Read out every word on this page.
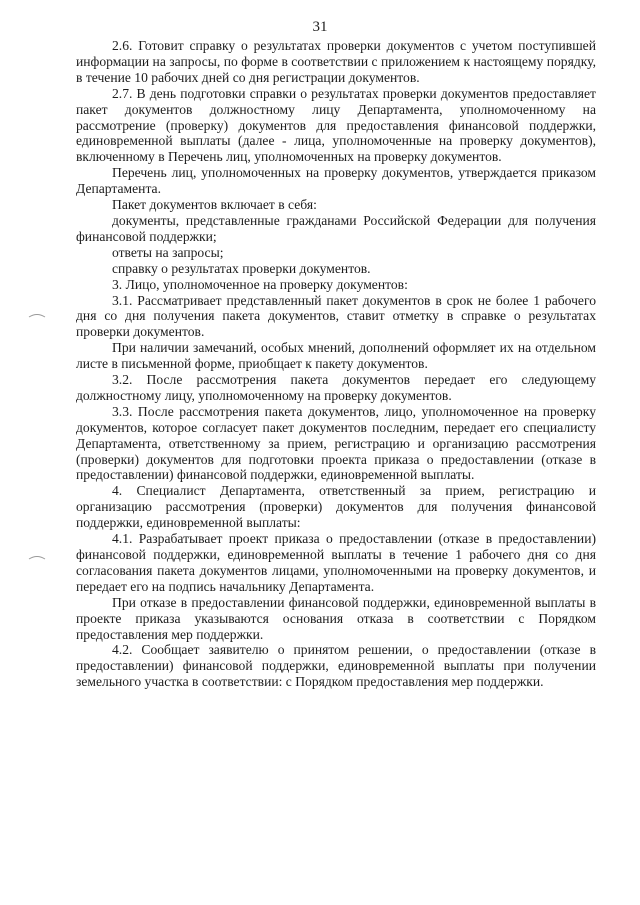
31

2.6. Готовит справку о результатах проверки документов с учетом поступившей информации на запросы, по форме в соответствии с приложением к настоящему порядку, в течение 10 рабочих дней со дня регистрации документов.

2.7. В день подготовки справки о результатах проверки документов предоставляет пакет документов должностному лицу Департамента, уполномоченному на рассмотрение (проверку) документов для предоставления финансовой поддержки, единовременной выплаты (далее - лица, уполномоченные на проверку документов), включенному в Перечень лиц, уполномоченных на проверку документов.

Перечень лиц, уполномоченных на проверку документов, утверждается приказом Департамента.

Пакет документов включает в себя:

документы, представленные гражданами Российской Федерации для получения финансовой поддержки;

ответы на запросы;

справку о результатах проверки документов.

3. Лицо, уполномоченное на проверку документов:

3.1. Рассматривает представленный пакет документов в срок не более 1 рабочего дня со дня получения пакета документов, ставит отметку в справке о результатах проверки документов.

При наличии замечаний, особых мнений, дополнений оформляет их на отдельном листе в письменной форме, приобщает к пакету документов.

3.2. После рассмотрения пакета документов передает его следующему должностному лицу, уполномоченному на проверку документов.

3.3. После рассмотрения пакета документов, лицо, уполномоченное на проверку документов, которое согласует пакет документов последним, передает его специалисту Департамента, ответственному за прием, регистрацию и организацию рассмотрения (проверки) документов для подготовки проекта приказа о предоставлении (отказе в предоставлении) финансовой поддержки, единовременной выплаты.

4. Специалист Департамента, ответственный за прием, регистрацию и организацию рассмотрения (проверки) документов для получения финансовой поддержки, единовременной выплаты:

4.1. Разрабатывает проект приказа о предоставлении (отказе в предоставлении) финансовой поддержки, единовременной выплаты в течение 1 рабочего дня со дня согласования пакета документов лицами, уполномоченными на проверку документов, и передает его на подпись начальнику Департамента.

При отказе в предоставлении финансовой поддержки, единовременной выплаты в проекте приказа указываются основания отказа в соответствии с Порядком предоставления мер поддержки.

4.2. Сообщает заявителю о принятом решении, о предоставлении (отказе в предоставлении) финансовой поддержки, единовременной выплаты при получении земельного участка в соответствии: с Порядком предоставления мер поддержки.
